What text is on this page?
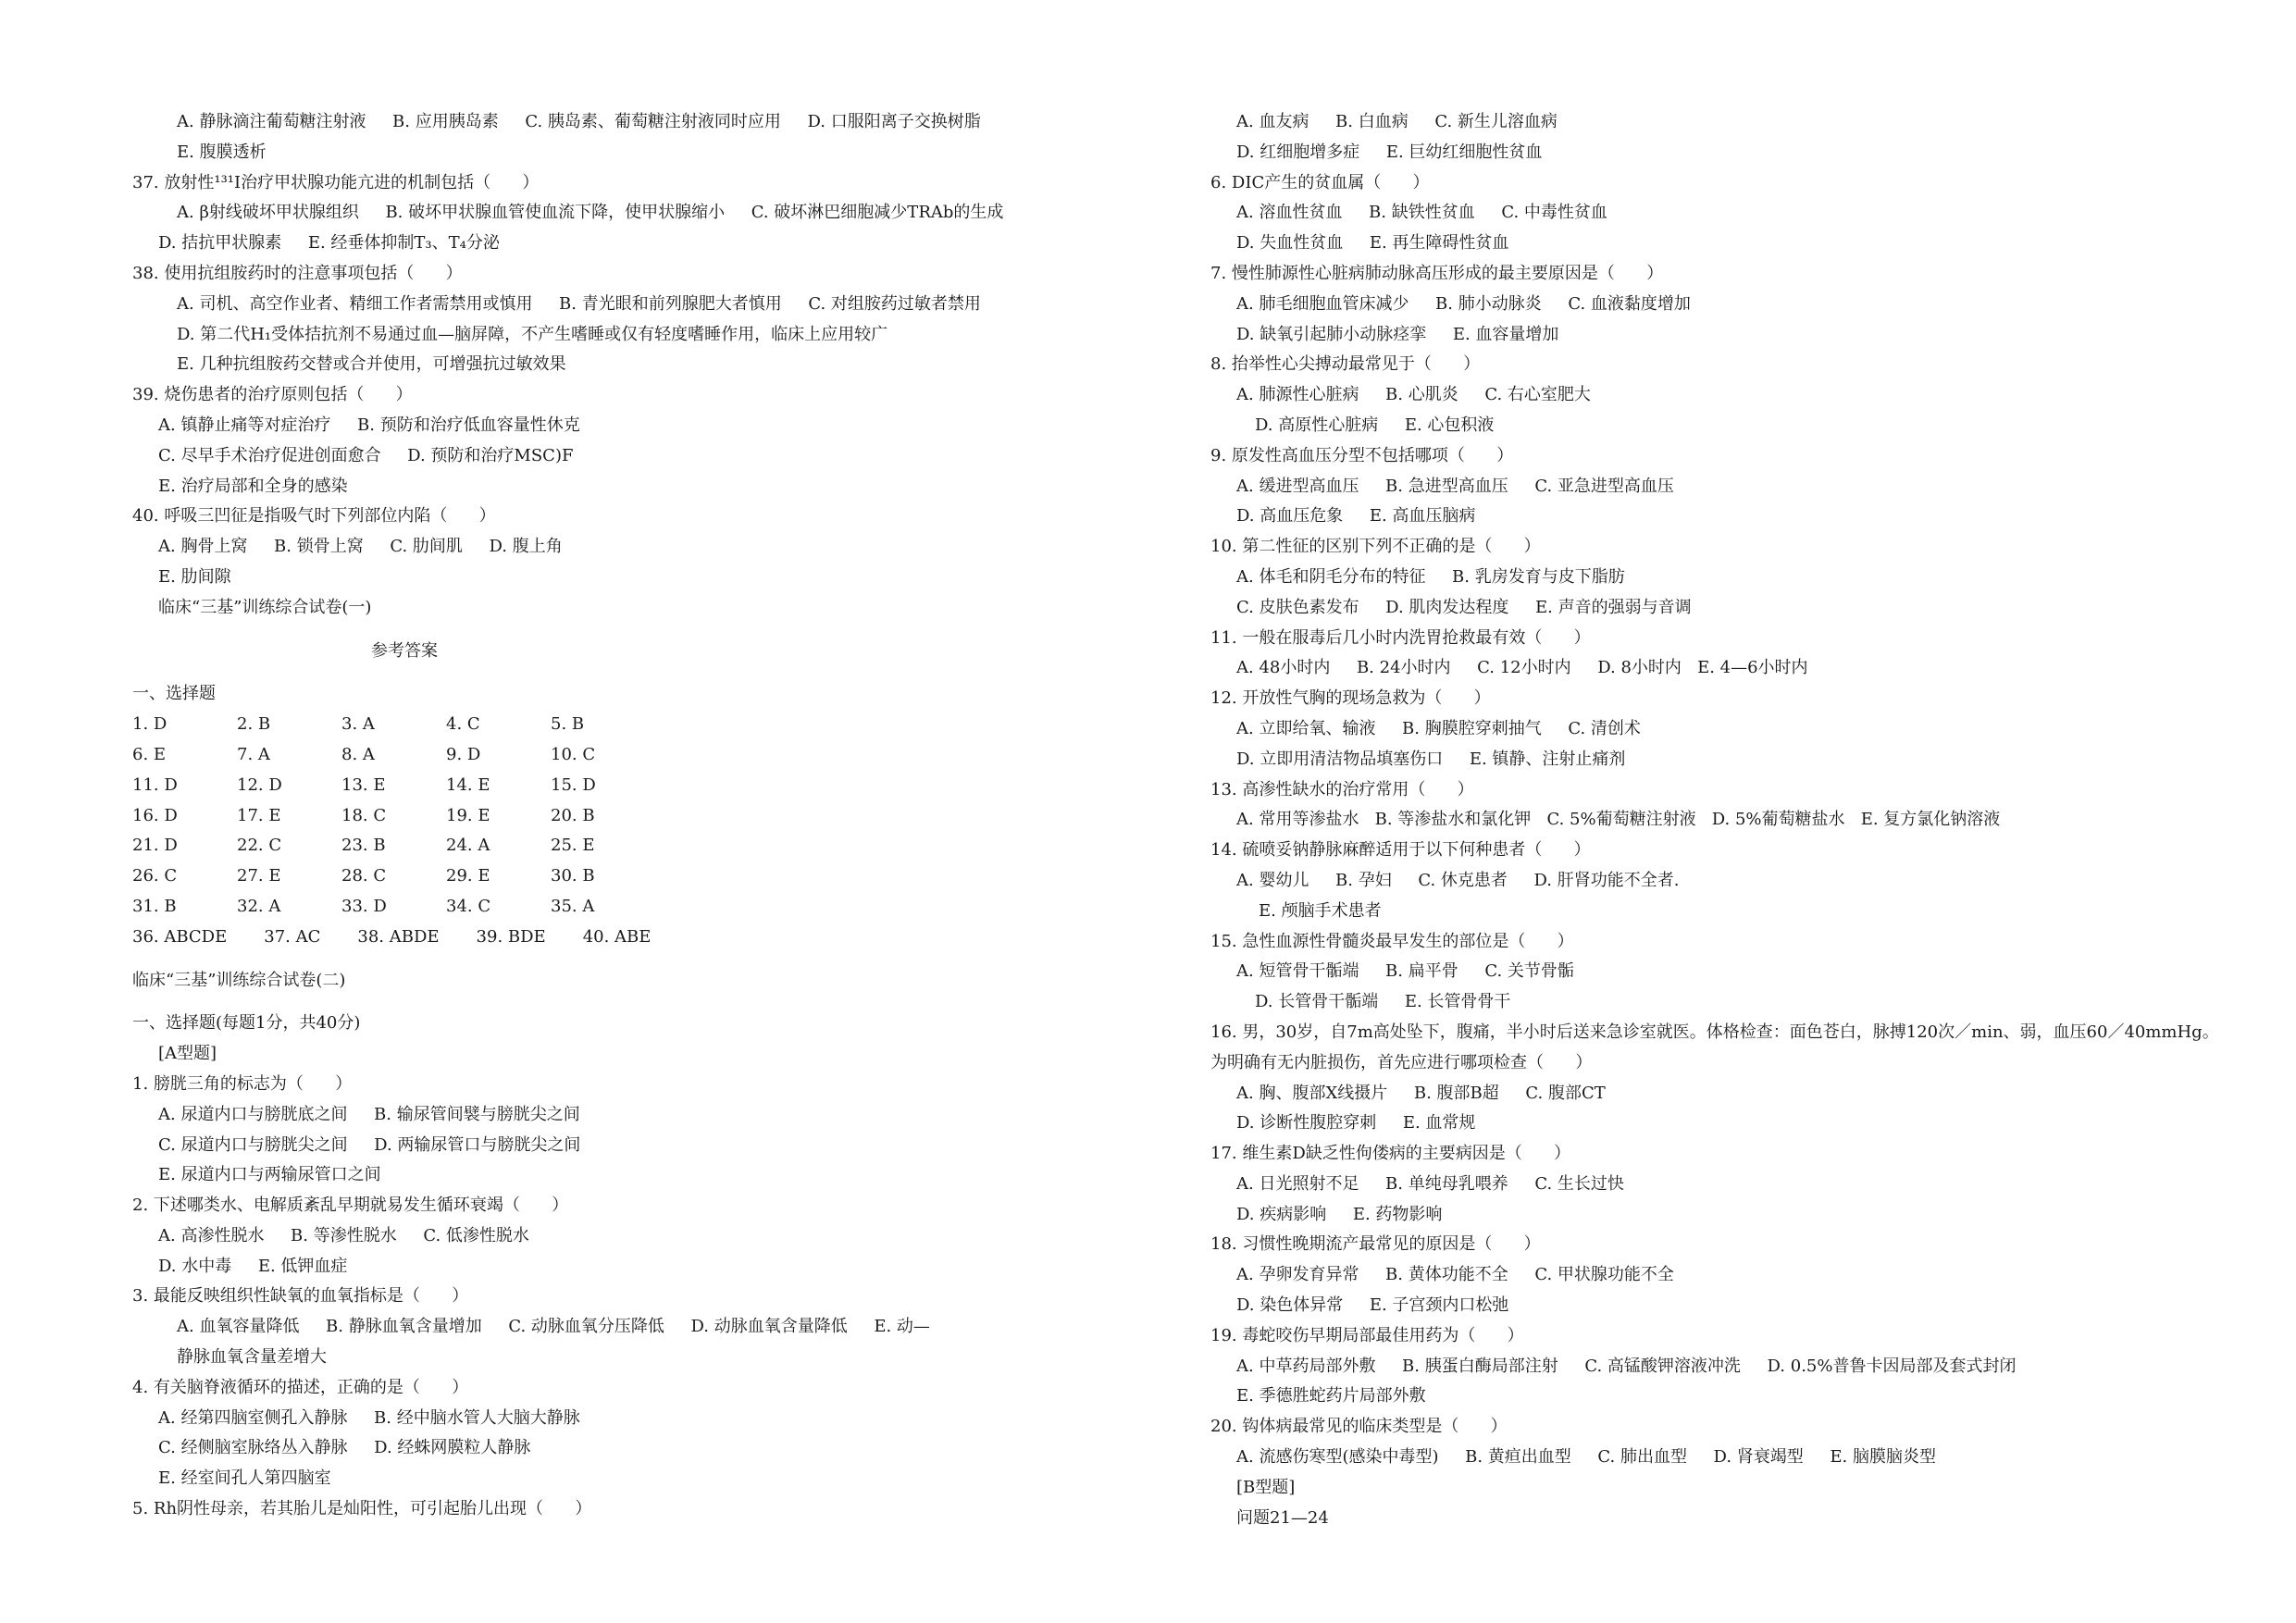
A. 静脉滴注葡萄糖注射液     B. 应用胰岛素     C. 胰岛素、葡萄糖注射液同时应用     D. 口服阳离子交换树脂
E. 腹膜透析
37. 放射性¹³¹I治疗甲状腺功能亢进的机制包括（      ）
A. β射线破坏甲状腺组织     B. 破坏甲状腺血管使血流下降，使甲状腺缩小     C. 破坏淋巴细胞减少TRAb的生成
D. 拮抗甲状腺素     E. 经垂体抑制T₃、T₄分泌
38. 使用抗组胺药时的注意事项包括（      ）
A. 司机、高空作业者、精细工作者需禁用或慎用     B. 青光眼和前列腺肥大者慎用     C. 对组胺药过敏者禁用
D. 第二代H₁受体拮抗剂不易通过血—脑屏障，不产生嗜睡或仅有轻度嗜睡作用，临床上应用较广
E. 几种抗组胺药交替或合并使用，可增强抗过敏效果
39. 烧伤患者的治疗原则包括（      ）
A. 镇静止痛等对症治疗     B. 预防和治疗低血容量性休克
C. 尽早手术治疗促进创面愈合     D. 预防和治疗MSC)F
E. 治疗局部和全身的感染
40. 呼吸三凹征是指吸气时下列部位内陷（      ）
A. 胸骨上窝     B. 锁骨上窝     C. 肋间肌     D. 腹上角
E. 肋间隙
临床“三基”训练综合试卷(一)
参考答案
一、选择题
1. D	2. B	3. A	4. C	5. B
6. E	7. A	8. A	9. D	10. C
11. D	12. D	13. E	14. E	15. D
16. D	17. E	18. C	19. E	20. B
21. D	22. C	23. B	24. A	25. E
26. C	27. E	28. C	29. E	30. B
31. B	32. A	33. D	34. C	35. A
36. ABCDE	37. AC	38. ABDE	39. BDE	40. ABE
临床“三基”训练综合试卷(二)
一、选择题(每题1分，共40分)
[A型题]
1. 膀胱三角的标志为（      ）
A. 尿道内口与膀胱底之间     B. 输尿管间襞与膀胱尖之间
C. 尿道内口与膀胱尖之间     D. 两输尿管口与膀胱尖之间
E. 尿道内口与两输尿管口之间
2. 下述哪类水、电解质紊乱早期就易发生循环衰竭（      ）
A. 高渗性脱水     B. 等渗性脱水     C. 低渗性脱水
D. 水中毒     E. 低钾血症
3. 最能反映组织性缺氧的血氧指标是（      ）
A. 血氧容量降低     B. 静脉血氧含量增加     C. 动脉血氧分压降低     D. 动脉血氧含量降低     E. 动—
静脉血氧含量差增大
4. 有关脑脊液循环的描述，正确的是（      ）
A. 经第四脑室侧孔入静脉     B. 经中脑水管人大脑大静脉
C. 经侧脑室脉络丛入静脉     D. 经蛛网膜粒人静脉
E. 经室间孔人第四脑室
5. Rh阴性母亲，若其胎儿是灿阳性，可引起胎儿出现（      ）
A. 血友病     B. 白血病     C. 新生儿溶血病
D. 红细胞增多症     E. 巨幼红细胞性贫血
6. DIC产生的贫血属（      ）
A. 溶血性贫血     B. 缺铁性贫血     C. 中毒性贫血
D. 失血性贫血     E. 再生障碍性贫血
7. 慢性肺源性心脏病肺动脉高压形成的最主要原因是（      ）
A. 肺毛细胞血管床减少     B. 肺小动脉炎     C. 血液黏度增加
D. 缺氧引起肺小动脉痉挛     E. 血容量增加
8. 抬举性心尖搏动最常见于（      ）
A. 肺源性心脏病     B. 心肌炎     C. 右心室肥大
D. 高原性心脏病     E. 心包积液
9. 原发性高血压分型不包括哪项（      ）
A. 缓进型高血压     B. 急进型高血压     C. 亚急进型高血压
D. 高血压危象     E. 高血压脑病
10. 第二性征的区别下列不正确的是（      ）
A. 体毛和阴毛分布的特征     B. 乳房发育与皮下脂肪
C. 皮肤色素发布     D. 肌肉发达程度     E. 声音的强弱与音调
11. 一般在服毒后几小时内洗胃抢救最有效（      ）
A. 48小时内     B. 24小时内     C. 12小时内     D. 8小时内   E. 4—6小时内
12. 开放性气胸的现场急救为（      ）
A. 立即给氧、输液     B. 胸膜腔穿刺抽气     C. 清创术
D. 立即用清洁物品填塞伤口     E. 镇静、注射止痛剂
13. 高渗性缺水的治疗常用（      ）
A. 常用等渗盐水   B. 等渗盐水和氯化钾   C. 5%葡萄糖注射液   D. 5%葡萄糖盐水   E. 复方氯化钠溶液
14. 硫喷妥钠静脉麻醉适用于以下何种患者（      ）
A. 婴幼儿     B. 孕妇     C. 休克患者     D. 肝肾功能不全者.
E. 颅脑手术患者
15. 急性血源性骨髓炎最早发生的部位是（      ）
A. 短管骨干骺端     B. 扁平骨     C. 关节骨骺
D. 长管骨干骺端     E. 长管骨骨干
16. 男，30岁，自7m高处坠下，腹痛，半小时后送来急诊室就医。体格检查：面色苍白，脉搏120次／min、弱，血压60／40mmHg。
为明确有无内脏损伤，首先应进行哪项检查（      ）
A. 胸、腹部X线摄片     B. 腹部B超     C. 腹部CT
D. 诊断性腹腔穿刺     E. 血常规
17. 维生素D缺乏性佝偻病的主要病因是（      ）
A. 日光照射不足     B. 单纯母乳喂养     C. 生长过快
D. 疾病影响     E. 药物影响
18. 习惯性晚期流产最常见的原因是（      ）
A. 孕卵发育异常     B. 黄体功能不全     C. 甲状腺功能不全
D. 染色体异常     E. 子宫颈内口松弛
19. 毒蛇咬伤早期局部最佳用药为（      ）
A. 中草药局部外敷     B. 胰蛋白酶局部注射     C. 高锰酸钾溶液冲洗     D. 0.5%普鲁卡因局部及套式封闭
E. 季德胜蛇药片局部外敷
20. 钩体病最常见的临床类型是（      ）
A. 流感伤寒型(感染中毒型)     B. 黄疸出血型     C. 肺出血型     D. 肾衰竭型     E. 脑膜脑炎型
[B型题]
问题21—24
